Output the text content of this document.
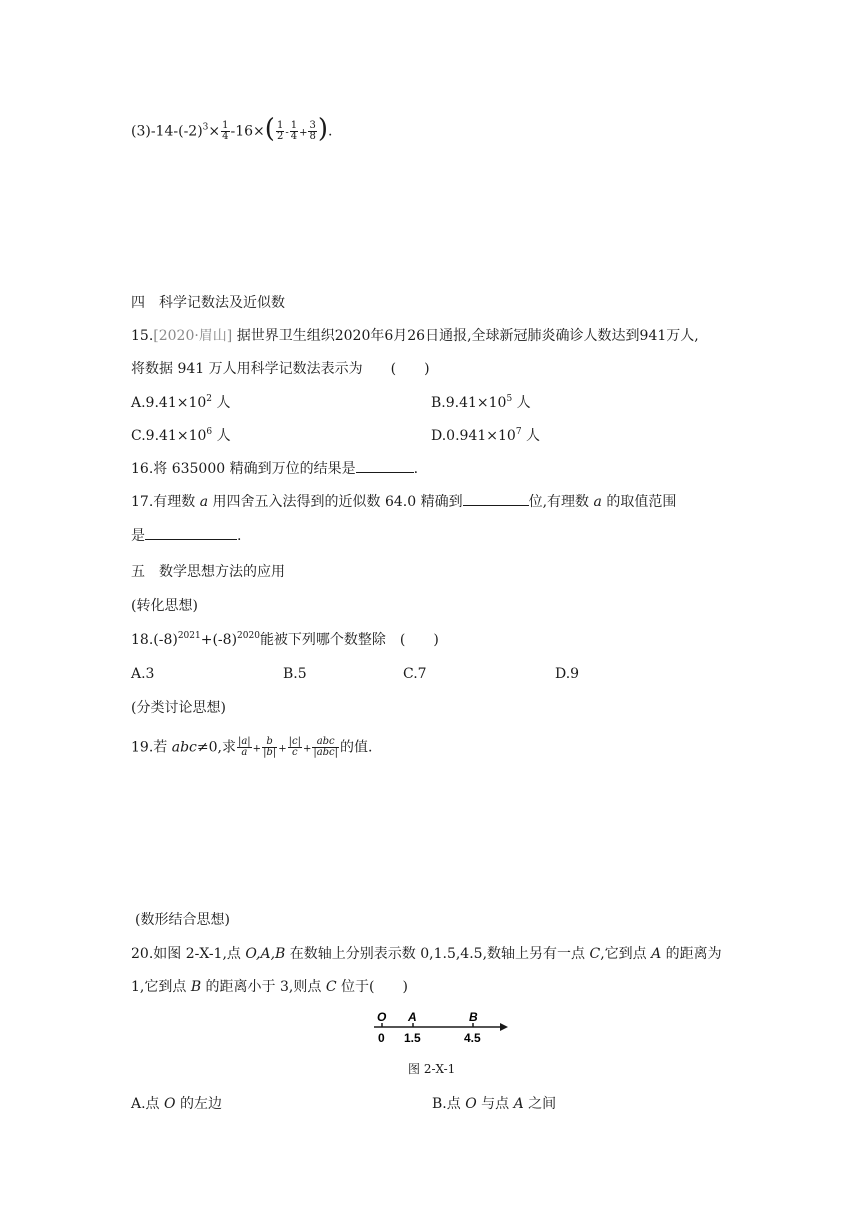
$(3)-14-(-2)^3\times \frac{1}{4} -16\times( \frac{1}{2} - \frac{1}{4} + \frac{3}{8}$ ).
四　科学记数法及近似数
15.[2020·眉山] 据世界卫生组织2020年6月26日通报,全球新冠肺炎确诊人数达到941万人,
将数据 941 万人用科学记数法表示为　　(　　)
$A.9.41\times 10^2$ 人	$B.9.41\times 10^5$ 人
$C.9.41\times 10^6$ 人	$D.0.941\times 10^7$ 人
16.将 635000 精确到万位的结果是	.
17.有理数 a 用四舍五入法得到的近似数 64.0 精确到	位,有理数 a 的取值范围
是	.
五　数学思想方法的应用
(转化思想)
$18.(-8)^{2021}+(-8)^{2020}$能被下列哪个数整除　(　　)
A.3	B.5	C.7	D.9
(分类讨论思想)
19.若 abc≠0,求 $\frac{|a|}{a} + \frac{b}{|b|} + \frac{|c|}{c} + \frac{\text{abc}}{\text{|abc|}}$ 的值.
(数形结合思想)
20.如图 2-X-1,点 O,A,B 在数轴上分别表示数 0,1.5,4.5,数轴上另有一点 C,它到点 A 的距离为
1,它到点 B 的距离小于 3,则点 C 位于(　　)
O A	B
0 1.5	4.5
图 2-X-1
A.点 O 的左边	B.点 O 与点 A 之间
